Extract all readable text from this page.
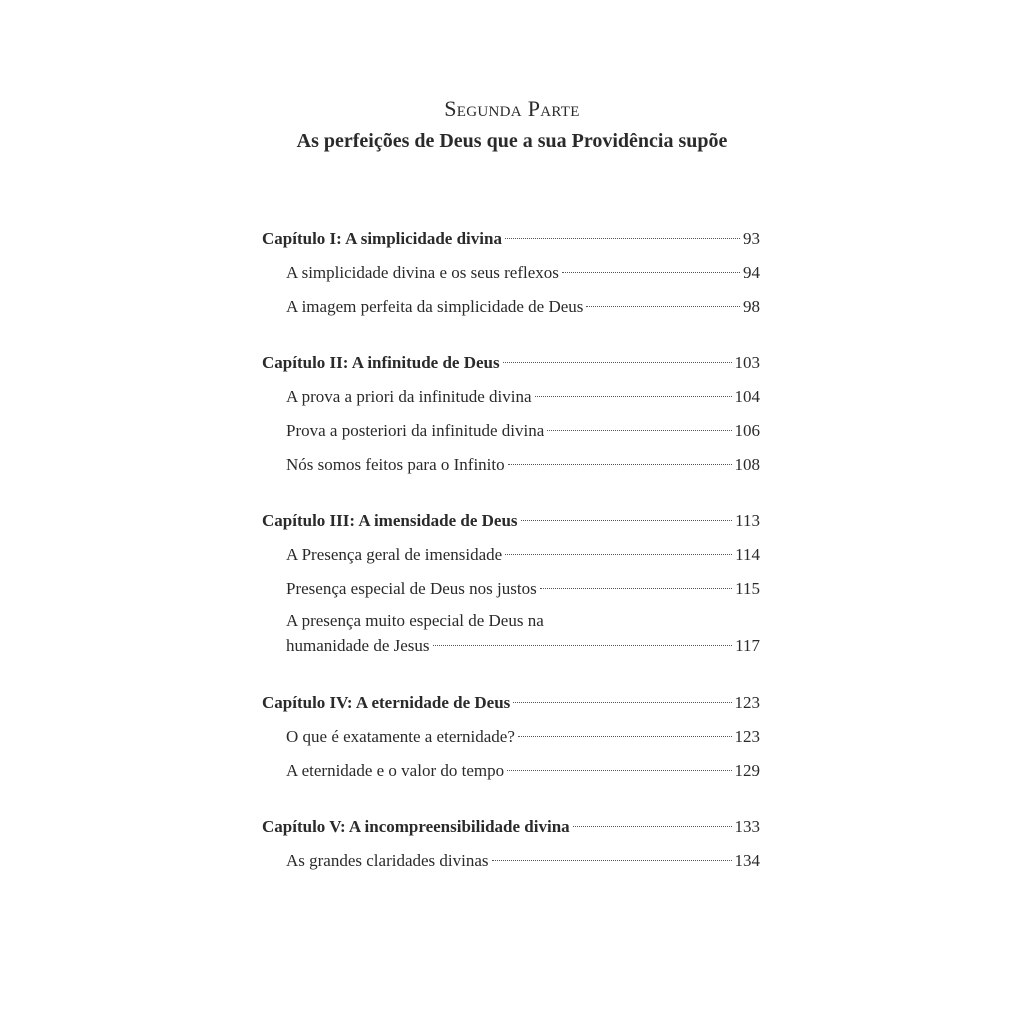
Segunda Parte
As perfeições de Deus que a sua Providência supõe
Capítulo I: A simplicidade divina	93
A simplicidade divina e os seus reflexos	94
A imagem perfeita da simplicidade de Deus	98
Capítulo II: A infinitude de Deus	103
A prova a priori da infinitude divina	104
Prova a posteriori da infinitude divina	106
Nós somos feitos para o Infinito	108
Capítulo III: A imensidade de Deus	113
A Presença geral de imensidade	114
Presença especial de Deus nos justos	115
A presença muito especial de Deus na
humanidade de Jesus	117
Capítulo IV: A eternidade de Deus	123
O que é exatamente a eternidade?	123
A eternidade e o valor do tempo	129
Capítulo V: A incompreensibilidade divina	133
As grandes claridades divinas	134
